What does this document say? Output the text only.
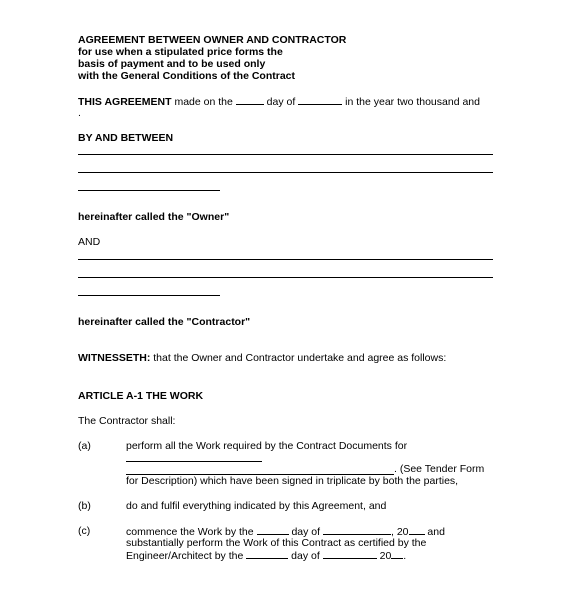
AGREEMENT BETWEEN OWNER AND CONTRACTOR
for use when a stipulated price forms the
basis of payment and to be used only
with the General Conditions of the Contract
THIS AGREEMENT made on the	day of	in the year two thousand and
.
BY AND BETWEEN
hereinafter called the "Owner"
AND
hereinafter called the "Contractor"
WITNESSETH: that the Owner and Contractor undertake and agree as follows:
ARTICLE A-1 THE WORK
The Contractor shall:
(a)	perform all the Work required by the Contract Documents for
. (See Tender Form
for Description) which have been signed in triplicate by both the parties,
(b)	do and fulfil everything indicated by this Agreement, and
(c)	commence the Work by the	day of	, 20 and
substantially perform the Work of this Contract as certified by the
Engineer/Architect by the	day of	20 .
